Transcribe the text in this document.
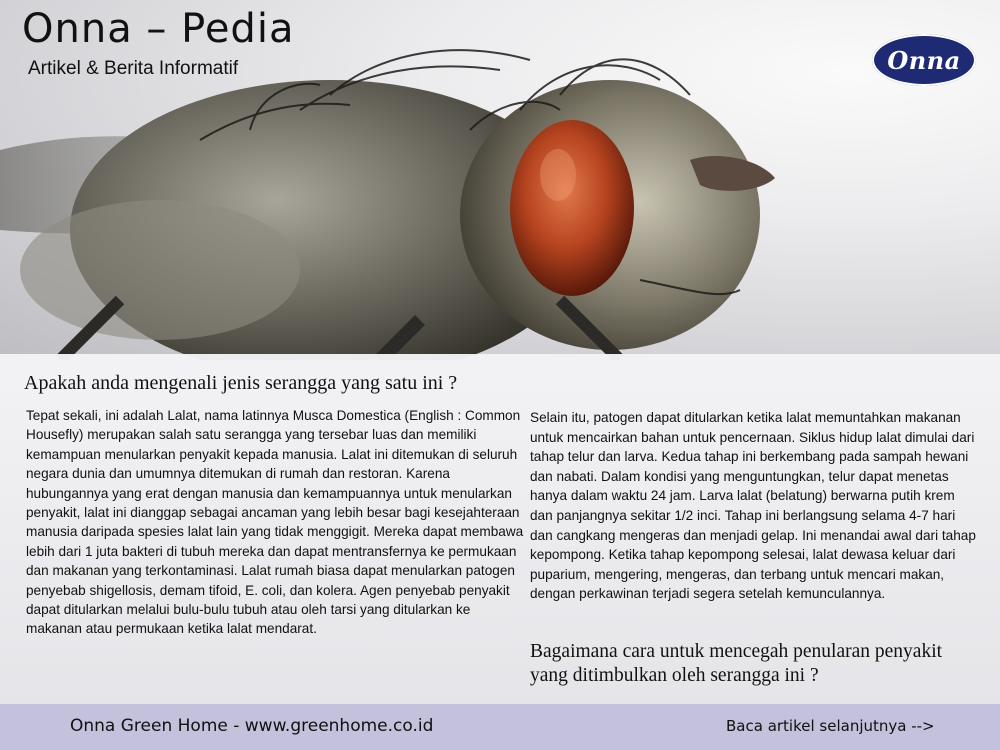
Onna – Pedia
Artikel & Berita Informatif	Onna
Apakah anda mengenali jenis serangga yang satu ini ?

Tepat sekali, ini adalah Lalat, nama latinnya Musca Domestica (English : Common Housefly) merupakan salah satu serangga yang tersebar luas dan memiliki kemampuan menularkan penyakit kepada manusia. Lalat ini ditemukan di seluruh negara dunia dan umumnya ditemukan di rumah dan restoran. Karena hubungannya yang erat dengan manusia dan kemampuannya untuk menularkan penyakit, lalat ini dianggap sebagai ancaman yang lebih besar bagi kesejahteraan manusia daripada spesies lalat lain yang tidak menggigit. Mereka dapat membawa lebih dari 1 juta bakteri di tubuh mereka dan dapat mentransfernya ke permukaan dan makanan yang terkontaminasi. Lalat rumah biasa dapat menularkan patogen penyebab shigellosis, demam tifoid, E. coli, dan kolera. Agen penyebab penyakit dapat ditularkan melalui bulu-bulu tubuh atau oleh tarsi yang ditularkan ke makanan atau permukaan ketika lalat mendarat.

Selain itu, patogen dapat ditularkan ketika lalat memuntahkan makanan untuk mencairkan bahan untuk pencernaan. Siklus hidup lalat dimulai dari tahap telur dan larva. Kedua tahap ini berkembang pada sampah hewani dan nabati. Dalam kondisi yang menguntungkan, telur dapat menetas hanya dalam waktu 24 jam. Larva lalat (belatung) berwarna putih krem dan panjangnya sekitar 1/2 inci. Tahap ini berlangsung selama 4-7 hari dan cangkang mengeras dan menjadi gelap. Ini menandai awal dari tahap kepompong. Ketika tahap kepompong selesai, lalat dewasa keluar dari puparium, mengering, mengeras, dan terbang untuk mencari makan, dengan perkawinan terjadi segera setelah kemunculannya.

Bagaimana cara untuk mencegah penularan penyakit yang ditimbulkan oleh serangga ini ?
Onna Green Home - www.greenhome.co.id	Baca artikel selanjutnya -->
